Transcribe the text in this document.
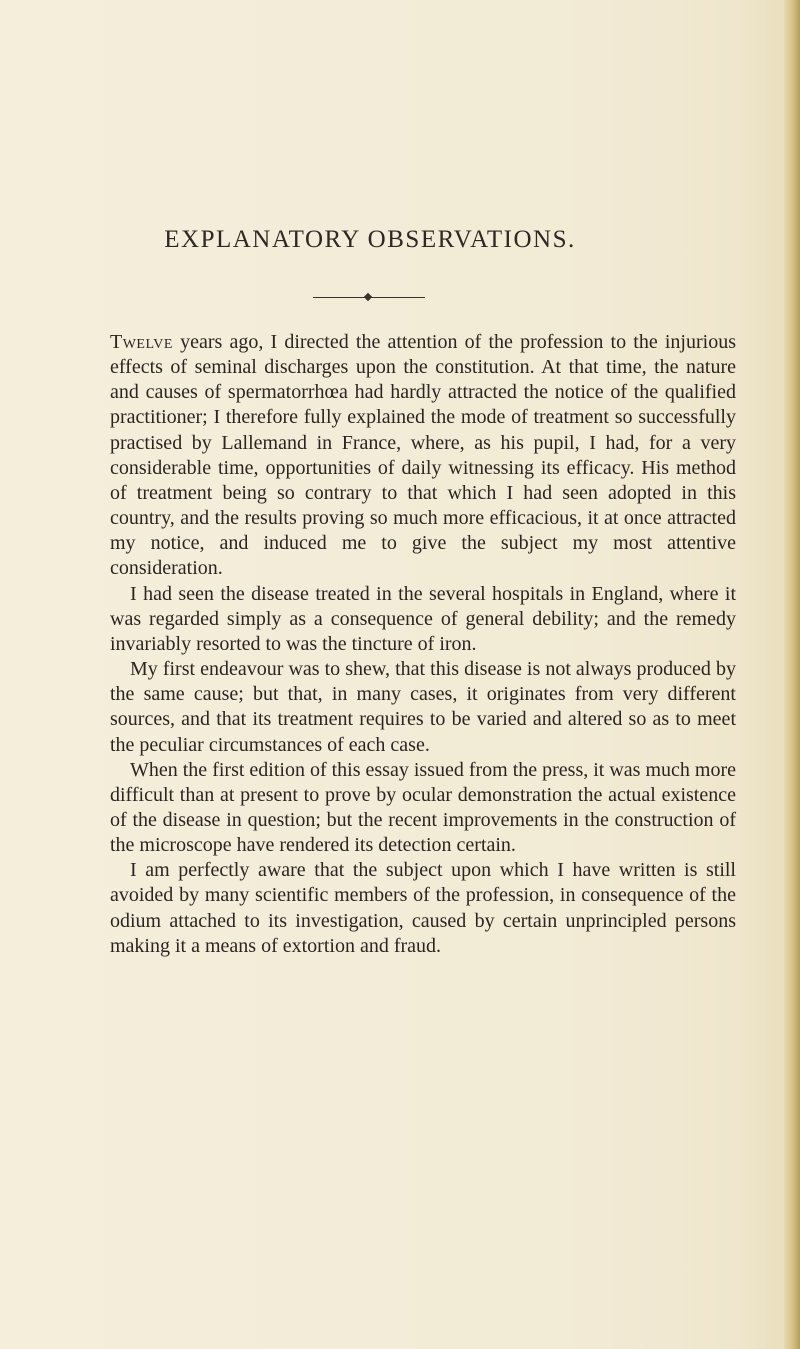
EXPLANATORY OBSERVATIONS.

Twelve years ago, I directed the attention of the profession to the injurious effects of seminal discharges upon the constitution. At that time, the nature and causes of spermatorrhœa had hardly attracted the notice of the qualified practitioner; I therefore fully explained the mode of treatment so successfully practised by Lallemand in France, where, as his pupil, I had, for a very considerable time, opportunities of daily witnessing its efficacy. His method of treatment being so contrary to that which I had seen adopted in this country, and the results proving so much more efficacious, it at once attracted my notice, and induced me to give the subject my most attentive consideration.

I had seen the disease treated in the several hospitals in England, where it was regarded simply as a consequence of general debility; and the remedy invariably resorted to was the tincture of iron.

My first endeavour was to shew, that this disease is not always produced by the same cause; but that, in many cases, it originates from very different sources, and that its treatment requires to be varied and altered so as to meet the peculiar circumstances of each case.

When the first edition of this essay issued from the press, it was much more difficult than at present to prove by ocular demonstration the actual existence of the disease in question; but the recent improvements in the construction of the microscope have rendered its detection certain.

I am perfectly aware that the subject upon which I have written is still avoided by many scientific members of the profession, in consequence of the odium attached to its investigation, caused by certain unprincipled persons making it a means of extortion and fraud.
